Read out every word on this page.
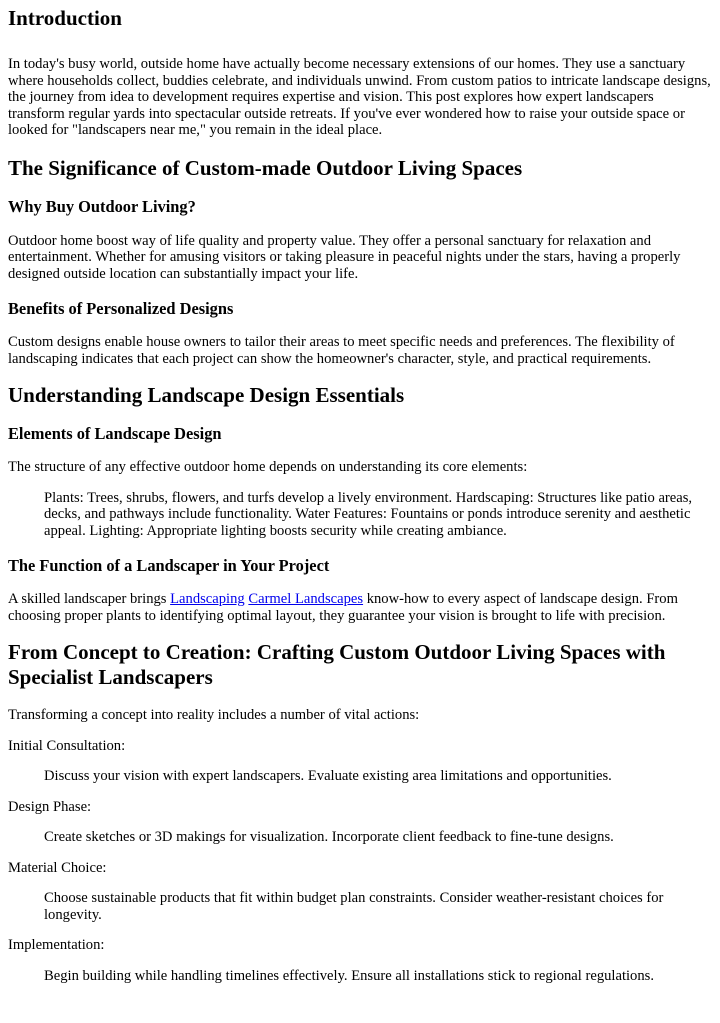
Introduction

In today's busy world, outside home have actually become necessary extensions of our homes. They use a sanctuary where households collect, buddies celebrate, and individuals unwind. From custom patios to intricate landscape designs, the journey from idea to development requires expertise and vision. This post explores how expert landscapers transform regular yards into spectacular outside retreats. If you've ever wondered how to raise your outside space or looked for "landscapers near me," you remain in the ideal place.

The Significance of Custom-made Outdoor Living Spaces
Why Buy Outdoor Living?

Outdoor home boost way of life quality and property value. They offer a personal sanctuary for relaxation and entertainment. Whether for amusing visitors or taking pleasure in peaceful nights under the stars, having a properly designed outside location can substantially impact your life.

Benefits of Personalized Designs

Custom designs enable house owners to tailor their areas to meet specific needs and preferences. The flexibility of landscaping indicates that each project can show the homeowner's character, style, and practical requirements.

Understanding Landscape Design Essentials
Elements of Landscape Design

The structure of any effective outdoor home depends on understanding its core elements:

Plants: Trees, shrubs, flowers, and turfs develop a lively environment. Hardscaping: Structures like patio areas, decks, and pathways include functionality. Water Features: Fountains or ponds introduce serenity and aesthetic appeal. Lighting: Appropriate lighting boosts security while creating ambiance.
The Function of a Landscaper in Your Project

A skilled landscaper brings Landscaping Carmel Landscapes know-how to every aspect of landscape design. From choosing proper plants to identifying optimal layout, they guarantee your vision is brought to life with precision.

From Concept to Creation: Crafting Custom Outdoor Living Spaces with Specialist Landscapers

Transforming a concept into reality includes a number of vital actions:

Initial Consultation:

Discuss your vision with expert landscapers. Evaluate existing area limitations and opportunities.

Design Phase:

Create sketches or 3D makings for visualization. Incorporate client feedback to fine-tune designs.

Material Choice:

Choose sustainable products that fit within budget plan constraints. Consider weather-resistant choices for longevity.

Implementation:

Begin building while handling timelines effectively. Ensure all installations stick to regional regulations.
